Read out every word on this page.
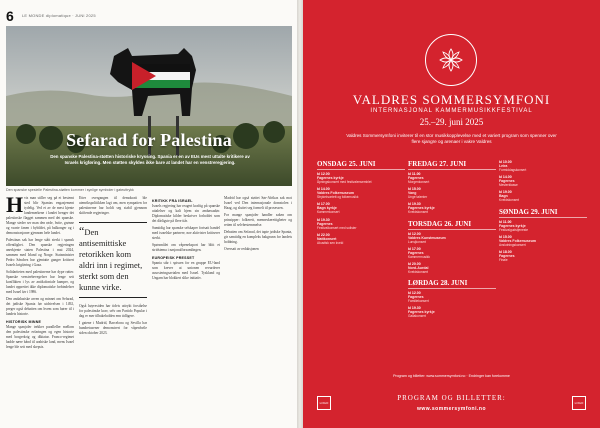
6 LE MONDE diplomatique · JUNI 2025
Sefarad for Palestina
Den spanske Palestina-støtten historiske kryssing. Spania er en av EUs mest uttalte kritikere av Israels krigføring. Men støtten skyldes ikke bare at landet har en venstreregjering.
Den spanske spesielle Palestina-støtten kommer i synlige symboler i gateuttrykk

Hvis man stiller seg på et bestemt sted blir Spanias engasjement tydelig. Ved et av de mest kjente landemerkene i landet henger det palestinske flagget sammen med det spanske. Mange steder ser man den røde, hvite, grønne og svarte fanen i bybildet, på balkonger og i demonstrasjoner gjennom hele landet.

Palestinas sak har lenge stått sterkt i spansk offentlighet. Den spanske regjeringen anerkjente staten Palestina i mai 2024, sammen med Irland og Norge. Statsminister Pedro Sánchez har gjentatte ganger kritisert Israels krigføring i Gaza.

Solidariteten med palestinerne har dype røtter. Spanske venstrebevegelser har lenge sett konflikten i lys av antikoloniale kamper, og landet opprettet ikke diplomatiske forbindelser med Israel før i 1986.

Den andalusiske arven og minnet om Sefarad, det jødiske Spania før utdrivelsen i 1492, preger også debatten om hvem som hører til i landets historie.

HISTORISK MINNE

Mange spanjoler trekker paralleller mellom den palestinske erfaringen og egen historie med borgerkrig og diktatur. Franco-regimet hadde nære bånd til arabiske land, mens Israel lenge ble sett med skepsis.

Etter overgangen til demokrati ble utenrikspolitikken lagt om, men sympatien for palestinerne har holdt seg stabil gjennom skiftende regjeringer.

“Den antisemittiske retorikken kom aldri inn i regimet, sterkt som den kunne virke.

Også høyresiden har tidvis uttrykt forståelse for palestinske krav, selv om Partido Popular i dag er mer tilbakeholden enn tidligere.

I gatene i Madrid, Barcelona og Sevilla har hundretusener demonstrert for våpenhvile siden oktober 2023.

KRITIKK FRA ISRAEL

Israels regjering har reagert kraftig på spanske uttalelser og kalt hjem sin ambassadør. Diplomatiske kilder beskriver forholdet som det dårligste på flere tiår.

Samtidig har spanske selskaper fortsatt handel med israelske partnere, noe aktivister kritiserer sterkt.

Spørsmålet om våpeneksport har blitt et stridstema i nasjonalforsamlingen.

EUROPEISK PRESSET

Spania står i spissen for en gruppe EU-land som krever at unionen revurderer assosieringsavtalen med Israel. Tyskland og Ungarn har blokkert slike initiativ.

Madrid har også støttet Sør-Afrikas sak mot Israel ved Den internasjonale domstolen i Haag, og sluttet seg formelt til prosessen.

For mange spanjoler handler saken om prinsipper: folkerett, menneskerettigheter og retten til selvbestemmelse.

Debatten om Sefarad, det tapte jødiske Spania, gir samtidig en kompleks bakgrunn for landets holdning.

Oversatt av redaksjonen

VALDRES SOMMERSYMFONI
INTERNASJONAL KAMMERMUSIKKFESTIVAL
25.–29. juni 2025
Valdres Sommersymfoni inviterer til en stor musikkopplevelse med et variert program som spenner over flere sjangre og arenaer i vakre Valdres
ONSDAG 25. JUNI
kl 12.00
Fagernes kyrkje
Åpningskonsert med festivalensemblet
kl 14.00
Valdres Folkemuseum
Strykekvartett og folkemusikk
kl 17.00
Bagn kyrkje
Kammerkonsert
kl 19.30
Fagernes
Festivalkonsert med solister
kl 22.00
Nattkonsert
Akustisk sen kveld
FREDAG 27. JUNI
kl 11.00
Fagernes
Morgenkonsert
kl 15.00
Vang
Unge talenter
kl 19.30
Fagernes kyrkje
Kveldskonsert
TORSDAG 26. JUNI
kl 12.00
Valdres Kunstmuseum
Lunsjkonsert
kl 17.00
Fagernes
Kammermusikk
kl 20.00
Nord-Aurdal
Kveldskonsert
LØRDAG 28. JUNI
kl 12.00
Fagernes
Familiekonsert
kl 19.30
Fagernes kyrkje
Gallakonsert
kl 10.00
Leira
Formiddagskonsert
kl 14.00
Fagernes
Mesterklasse
kl 19.00
Bagn
Kveldskonsert
SØNDAG 29. JUNI
kl 11.00
Fagernes kyrkje
Festivalgudstjeneste
kl 15.00
Valdres Folkemuseum
Avslutningskonsert
kl 18.00
Fagernes
Finale
Program og billetter: www.sommersymfoni.no · Endringer kan forekomme
LOGO	LOGO
PROGRAM OG BILLETTER:
www.sommersymfoni.no
